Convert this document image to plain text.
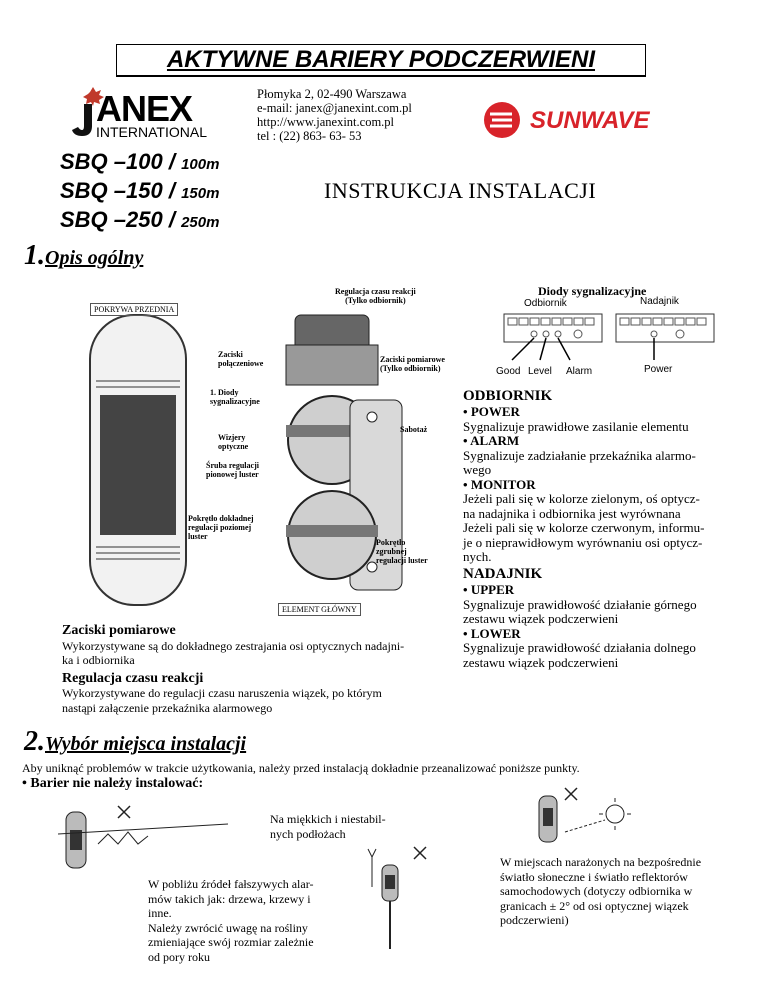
AKTYWNE BARIERY PODCZERWIENI
ANEX
INTERNATIONAL
Płomyka 2, 02-490 Warszawa
e-mail: janex@janexint.com.pl
http://www.janexint.com.pl
tel : (22) 863- 63- 53
SUNWAVE
SBQ –100 / 100m
SBQ –150 / 150m
SBQ –250 / 250m
INSTRUKCJA INSTALACJI
1.Opis ogólny
POKRYWA PRZEDNIA
ELEMENT GŁÓWNY
Regulacja czasu reakcji
(Tylko odbiornik)
Zaciski
połączeniowe	Zaciski pomiarowe
(Tylko odbiornik)
1. Diody
sygnalizacyjne
Sabotaż
Wizjery
optyczne
Śruba regulacji
pionowej luster
Pokrętło dokładnej
regulacji poziomej
luster
Pokrętło
zgrubnej
regulacji luster
Diody sygnalizacyjne
Odbiornik	Nadajnik
Good Level Alarm	Power
ODBIORNIK
• POWER
Sygnalizuje prawidłowe zasilanie elementu
• ALARM
Sygnalizuje zadziałanie przekaźnika alarmo-
wego
• MONITOR
Jeżeli pali się w kolorze zielonym, oś optycz-
na nadajnika i odbiornika jest wyrównana
Jeżeli pali się w kolorze czerwonym, informu-
je o nieprawidłowym wyrównaniu osi optycz-
nych.
NADAJNIK
• UPPER
Sygnalizuje prawidłowość działanie górnego
zestawu wiązek podczerwieni
• LOWER
Sygnalizuje prawidłowość działania dolnego
zestawu wiązek podczerwieni
Zaciski pomiarowe
Wykorzystywane są do dokładnego zestrajania osi optycznych nadajni-
ka i odbiornika
Regulacja czasu reakcji
Wykorzystywane do regulacji czasu naruszenia wiązek, po którym
nastąpi załączenie przekaźnika alarmowego
2.Wybór miejsca instalacji
Aby uniknąć problemów w trakcie użytkowania, należy przed instalacją dokładnie przeanalizować poniższe punkty.
• Barier nie należy instalować:
Na miękkich i niestabil-
nych podłożach
W pobliżu źródeł fałszywych alar-
mów takich jak: drzewa, krzewy i
inne.
Należy zwrócić uwagę na rośliny
zmieniające swój rozmiar zależnie
od pory roku
W miejscach narażonych na bezpośrednie
światło słoneczne i światło reflektorów
samochodowych (dotyczy odbiornika w
granicach ± 2° od osi optycznej wiązek
podczerwieni)
